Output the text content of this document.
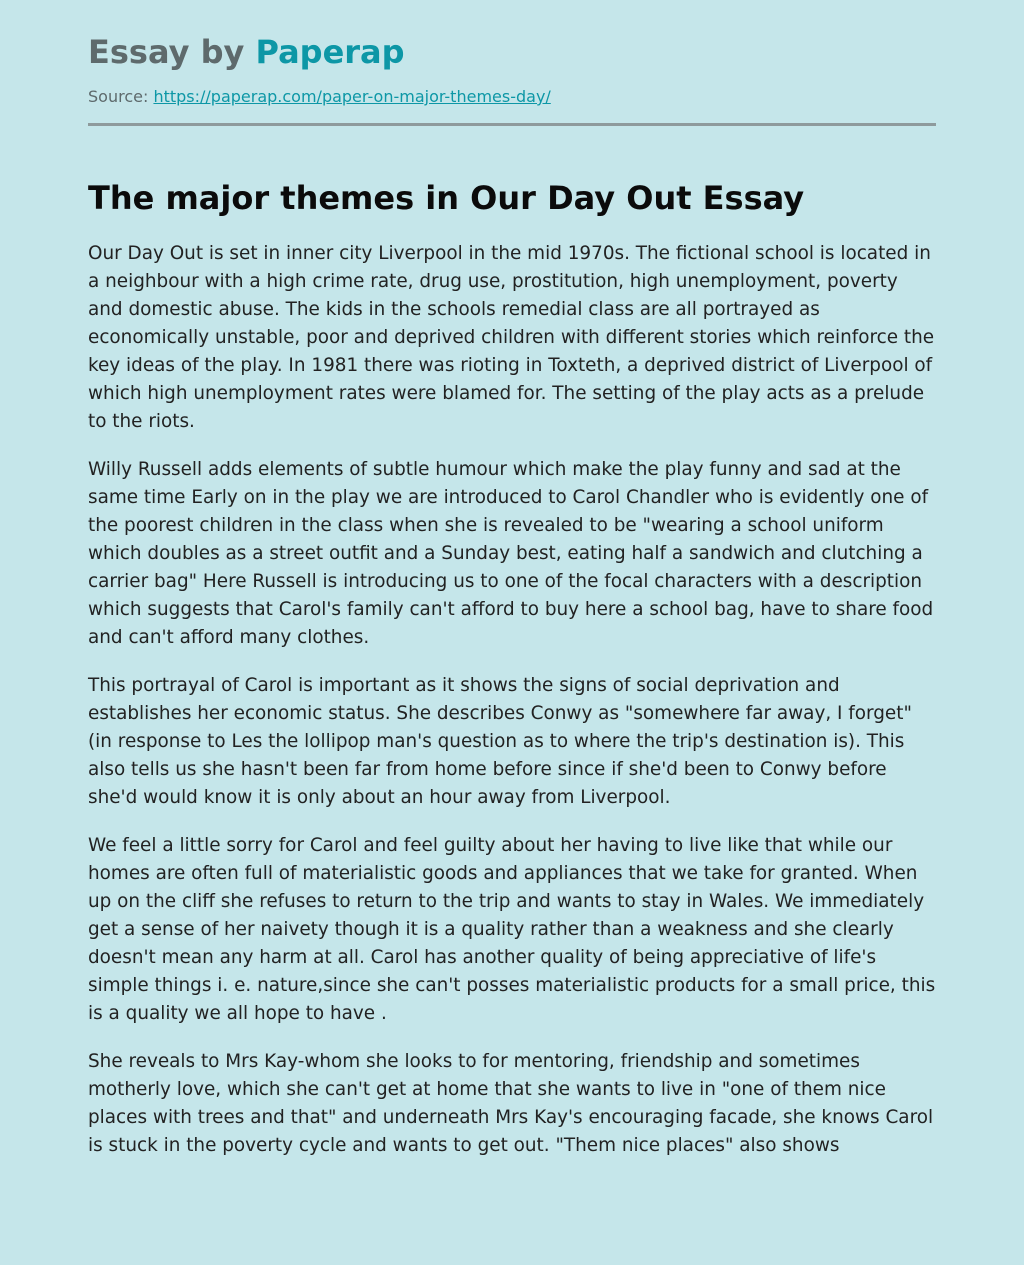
Essay by Paperap
Source: https://paperap.com/paper-on-major-themes-day/
The major themes in Our Day Out Essay

Our Day Out is set in inner city Liverpool in the mid 1970s. The fictional school is located in a neighbour with a high crime rate, drug use, prostitution, high unemployment, poverty and domestic abuse. The kids in the schools remedial class are all portrayed as economically unstable, poor and deprived children with different stories which reinforce the key ideas of the play. In 1981 there was rioting in Toxteth, a deprived district of Liverpool of which high unemployment rates were blamed for. The setting of the play acts as a prelude to the riots.

Willy Russell adds elements of subtle humour which make the play funny and sad at the same time Early on in the play we are introduced to Carol Chandler who is evidently one of the poorest children in the class when she is revealed to be "wearing a school uniform which doubles as a street outfit and a Sunday best, eating half a sandwich and clutching a carrier bag" Here Russell is introducing us to one of the focal characters with a description which suggests that Carol's family can't afford to buy here a school bag, have to share food and can't afford many clothes.

This portrayal of Carol is important as it shows the signs of social deprivation and establishes her economic status. She describes Conwy as "somewhere far away, I forget" (in response to Les the lollipop man's question as to where the trip's destination is). This also tells us she hasn't been far from home before since if she'd been to Conwy before she'd would know it is only about an hour away from Liverpool.

We feel a little sorry for Carol and feel guilty about her having to live like that while our homes are often full of materialistic goods and appliances that we take for granted. When up on the cliff she refuses to return to the trip and wants to stay in Wales. We immediately get a sense of her naivety though it is a quality rather than a weakness and she clearly doesn't mean any harm at all. Carol has another quality of being appreciative of life's simple things i. e. nature,since she can't posses materialistic products for a small price, this is a quality we all hope to have .

She reveals to Mrs Kay-whom she looks to for mentoring, friendship and sometimes motherly love, which she can't get at home that she wants to live in "one of them nice places with trees and that" and underneath Mrs Kay's encouraging facade, she knows Carol is stuck in the poverty cycle and wants to get out. "Them nice places" also shows
